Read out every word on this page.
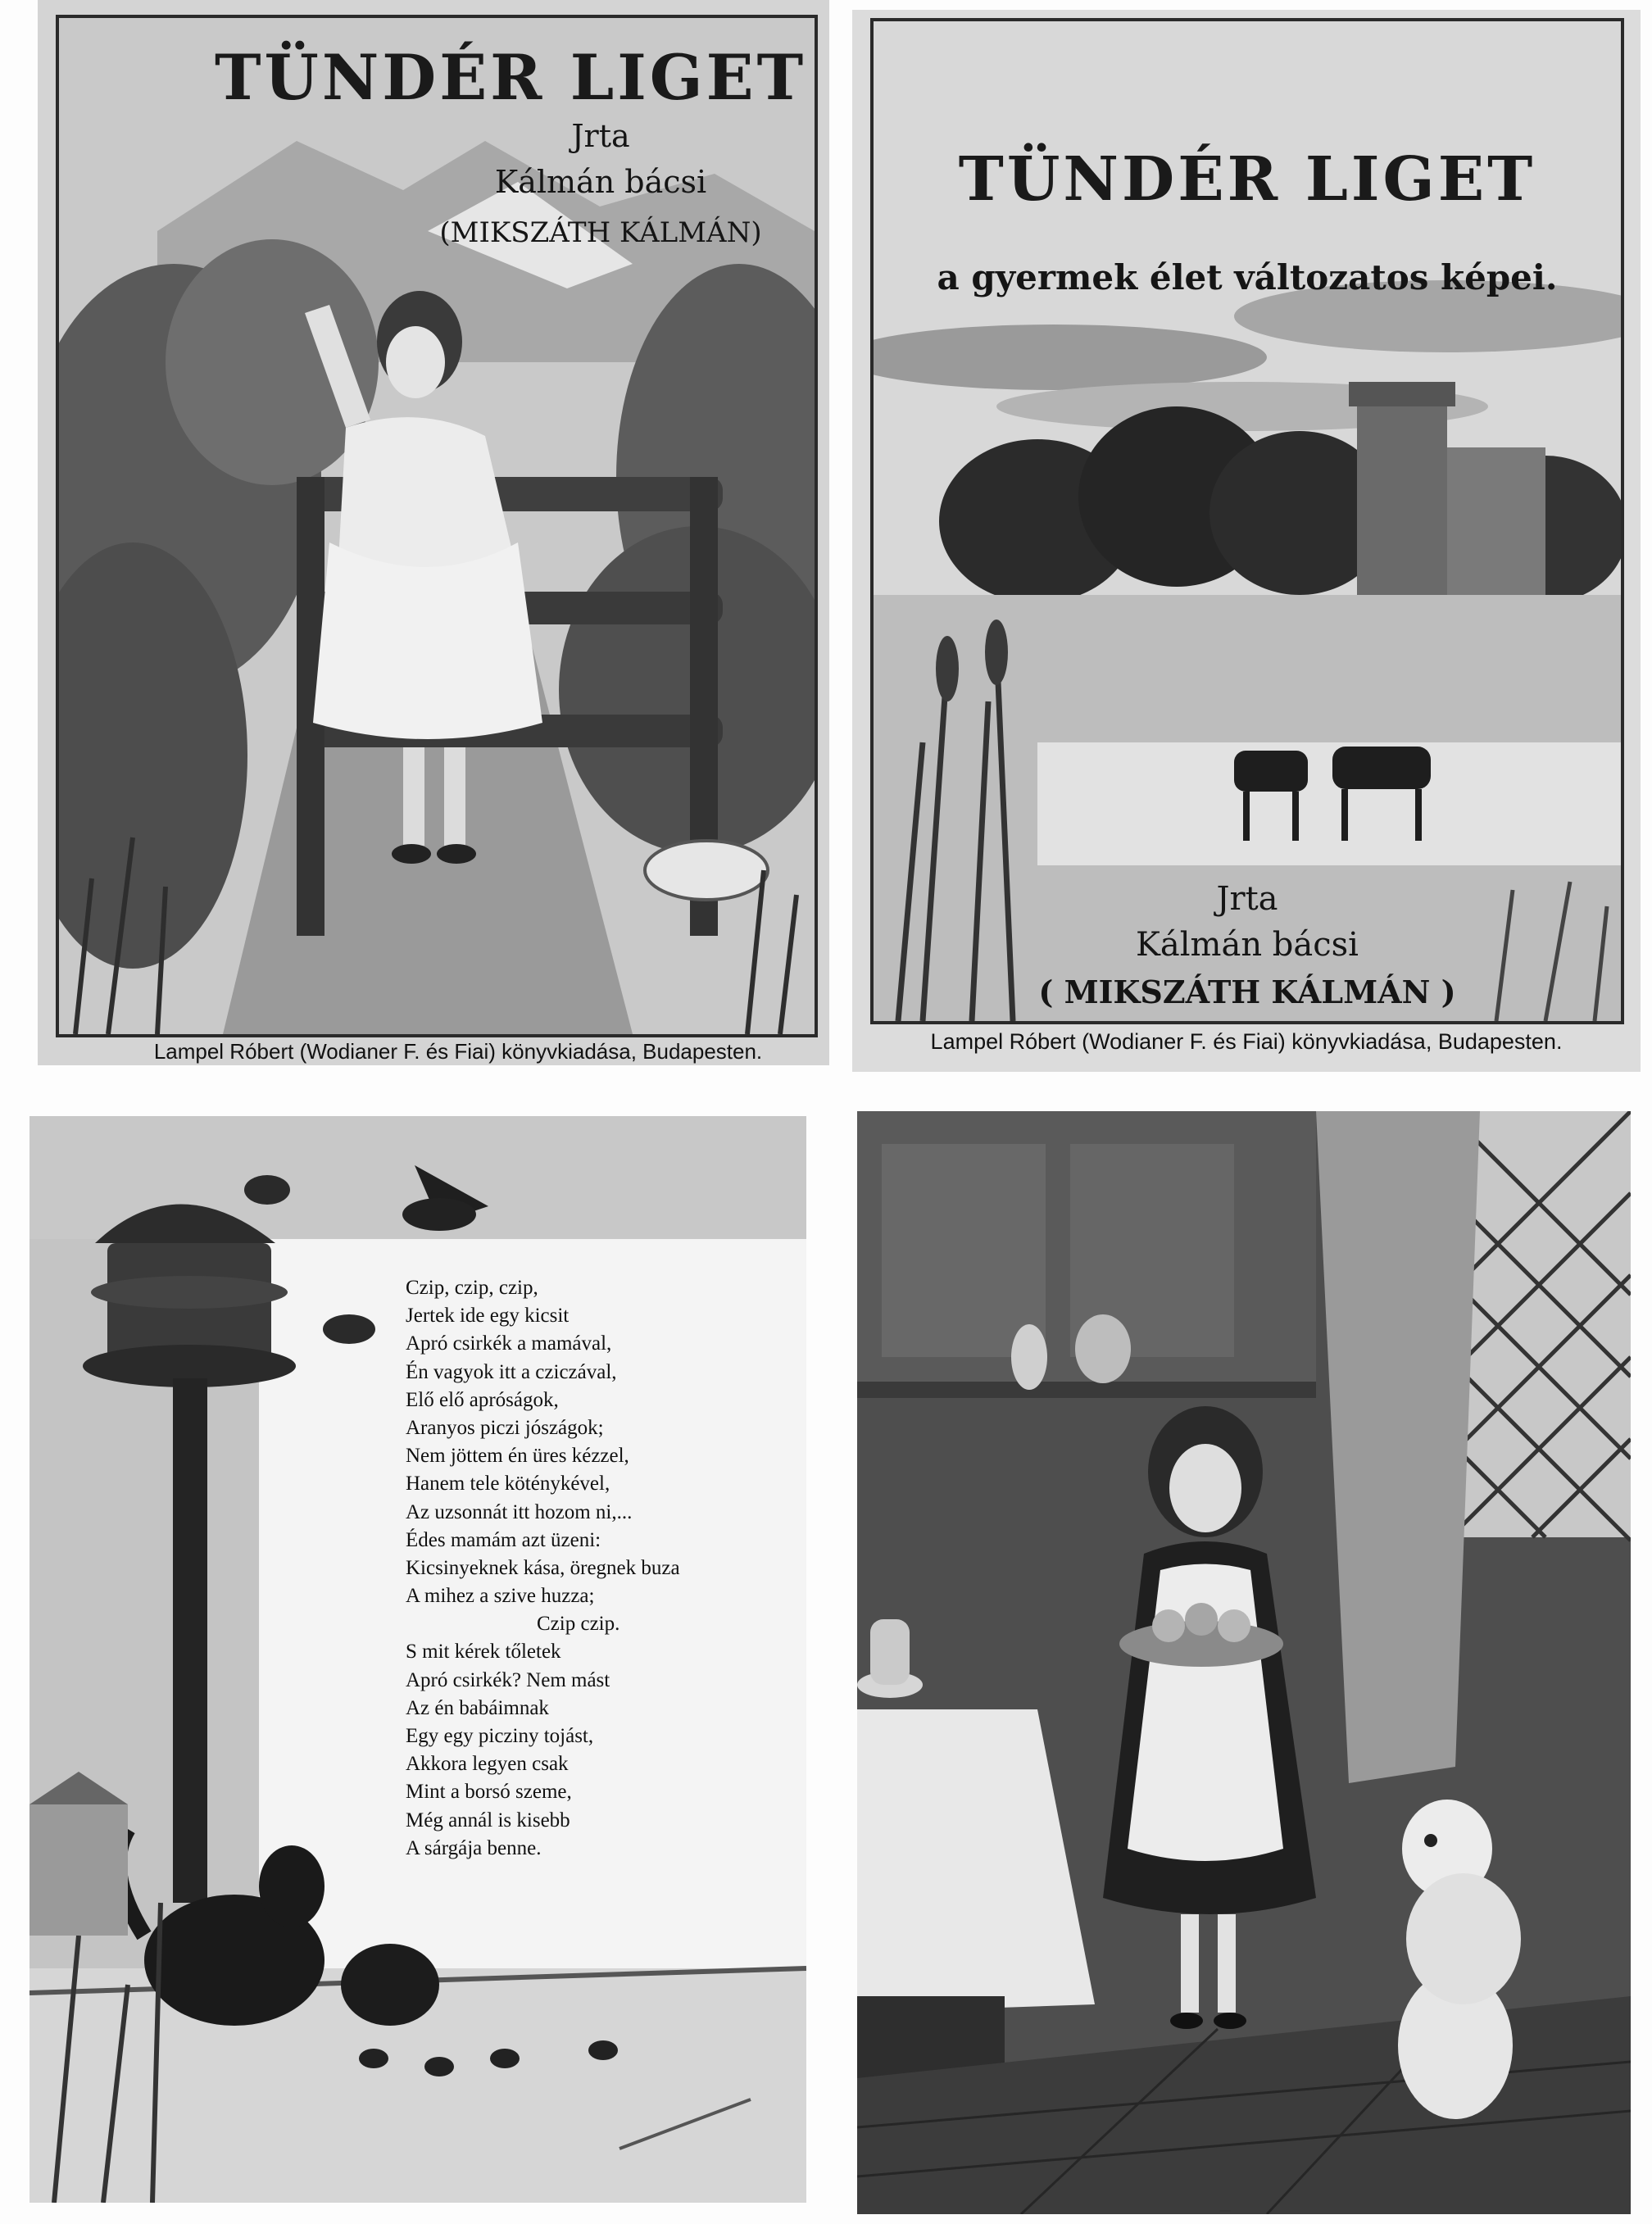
TÜNDÉR LIGET
Jrta
Kálmán bácsi
(MIKSZÁTH KÁLMÁN)
Lampel Róbert (Wodianer F. és Fiai) könyvkiadása, Budapesten.
TÜNDÉR LIGET
a gyermek élet változatos képei.
Jrta
Kálmán bácsi
( MIKSZÁTH KÁLMÁN )
Lampel Róbert (Wodianer F. és Fiai) könyvkiadása, Budapesten.
Czip, czip, czip,
Jertek ide egy kicsit
Apró csirkék a mamával,
Én vagyok itt a cziczával,
Elő elő apróságok,
Aranyos piczi jószágok;
Nem jöttem én üres kézzel,
Hanem tele köténykével,
Az uzsonnát itt hozom ni,...
Édes mamám azt üzeni:
Kicsinyeknek kása, öregnek buza
A mihez a szive huzza;
Czip czip.
S mit kérek tőletek
Apró csirkék? Nem mást
Az én babáimnak
Egy egy picziny tojást,
Akkora legyen csak
Mint a borsó szeme,
Még annál is kisebb
A sárgája benne.
—
